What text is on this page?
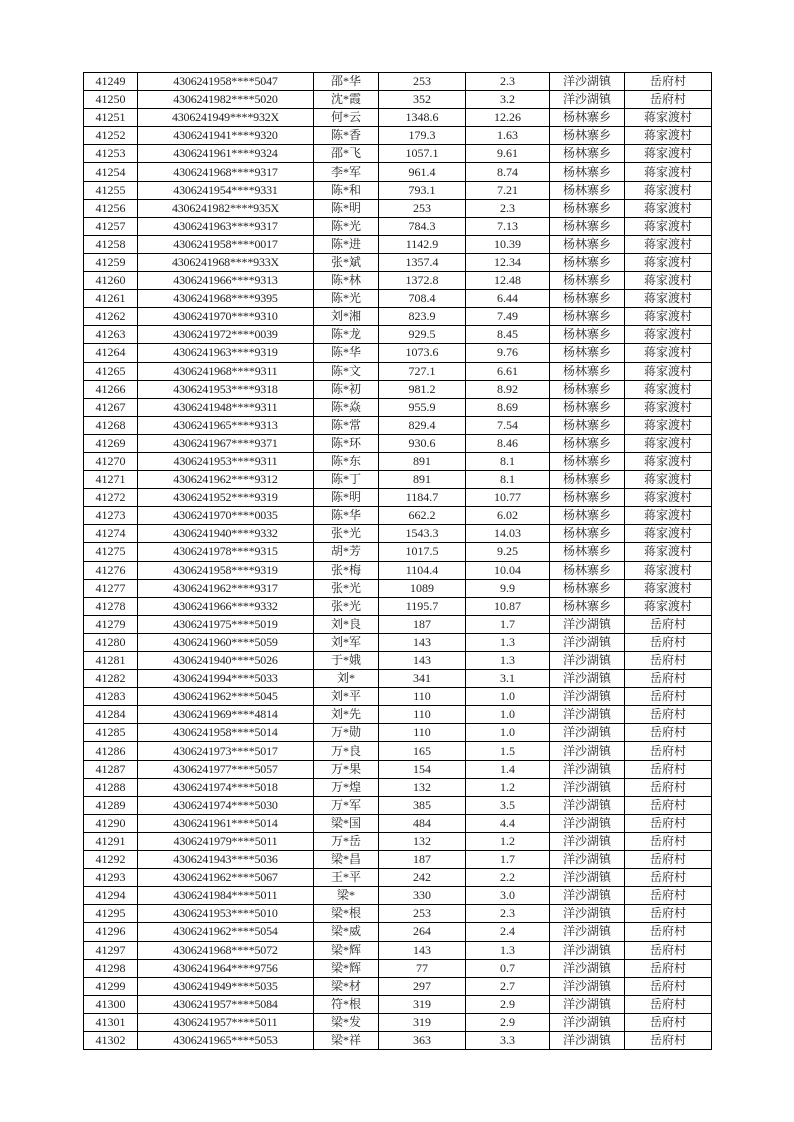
41249	4306241958****5047	邵*华	253	2.3	洋沙湖镇	岳府村
41250	4306241982****5020	沈*霞	352	3.2	洋沙湖镇	岳府村
41251	4306241949****932X	何*云	1348.6	12.26	杨林寨乡	蒋家渡村
41252	4306241941****9320	陈*香	179.3	1.63	杨林寨乡	蒋家渡村
41253	4306241961****9324	邵*飞	1057.1	9.61	杨林寨乡	蒋家渡村
41254	4306241968****9317	李*军	961.4	8.74	杨林寨乡	蒋家渡村
41255	4306241954****9331	陈*和	793.1	7.21	杨林寨乡	蒋家渡村
41256	4306241982****935X	陈*明	253	2.3	杨林寨乡	蒋家渡村
41257	4306241963****9317	陈*光	784.3	7.13	杨林寨乡	蒋家渡村
41258	4306241958****0017	陈*进	1142.9	10.39	杨林寨乡	蒋家渡村
41259	4306241968****933X	张*斌	1357.4	12.34	杨林寨乡	蒋家渡村
41260	4306241966****9313	陈*林	1372.8	12.48	杨林寨乡	蒋家渡村
41261	4306241968****9395	陈*光	708.4	6.44	杨林寨乡	蒋家渡村
41262	4306241970****9310	刘*湘	823.9	7.49	杨林寨乡	蒋家渡村
41263	4306241972****0039	陈*龙	929.5	8.45	杨林寨乡	蒋家渡村
41264	4306241963****9319	陈*华	1073.6	9.76	杨林寨乡	蒋家渡村
41265	4306241968****9311	陈*文	727.1	6.61	杨林寨乡	蒋家渡村
41266	4306241953****9318	陈*初	981.2	8.92	杨林寨乡	蒋家渡村
41267	4306241948****9311	陈*焱	955.9	8.69	杨林寨乡	蒋家渡村
41268	4306241965****9313	陈*常	829.4	7.54	杨林寨乡	蒋家渡村
41269	4306241967****9371	陈*环	930.6	8.46	杨林寨乡	蒋家渡村
41270	4306241953****9311	陈*东	891	8.1	杨林寨乡	蒋家渡村
41271	4306241962****9312	陈*丁	891	8.1	杨林寨乡	蒋家渡村
41272	4306241952****9319	陈*明	1184.7	10.77	杨林寨乡	蒋家渡村
41273	4306241970****0035	陈*华	662.2	6.02	杨林寨乡	蒋家渡村
41274	4306241940****9332	张*光	1543.3	14.03	杨林寨乡	蒋家渡村
41275	4306241978****9315	胡*芳	1017.5	9.25	杨林寨乡	蒋家渡村
41276	4306241958****9319	张*梅	1104.4	10.04	杨林寨乡	蒋家渡村
41277	4306241962****9317	张*光	1089	9.9	杨林寨乡	蒋家渡村
41278	4306241966****9332	张*光	1195.7	10.87	杨林寨乡	蒋家渡村
41279	4306241975****5019	刘*良	187	1.7	洋沙湖镇	岳府村
41280	4306241960****5059	刘*军	143	1.3	洋沙湖镇	岳府村
41281	4306241940****5026	于*娥	143	1.3	洋沙湖镇	岳府村
41282	4306241994****5033	刘*	341	3.1	洋沙湖镇	岳府村
41283	4306241962****5045	刘*平	110	1.0	洋沙湖镇	岳府村
41284	4306241969****4814	刘*先	110	1.0	洋沙湖镇	岳府村
41285	4306241958****5014	万*勋	110	1.0	洋沙湖镇	岳府村
41286	4306241973****5017	万*良	165	1.5	洋沙湖镇	岳府村
41287	4306241977****5057	万*果	154	1.4	洋沙湖镇	岳府村
41288	4306241974****5018	万*煌	132	1.2	洋沙湖镇	岳府村
41289	4306241974****5030	万*军	385	3.5	洋沙湖镇	岳府村
41290	4306241961****5014	梁*国	484	4.4	洋沙湖镇	岳府村
41291	4306241979****5011	万*岳	132	1.2	洋沙湖镇	岳府村
41292	4306241943****5036	梁*昌	187	1.7	洋沙湖镇	岳府村
41293	4306241962****5067	王*平	242	2.2	洋沙湖镇	岳府村
41294	4306241984****5011	梁*	330	3.0	洋沙湖镇	岳府村
41295	4306241953****5010	梁*根	253	2.3	洋沙湖镇	岳府村
41296	4306241962****5054	梁*威	264	2.4	洋沙湖镇	岳府村
41297	4306241968****5072	梁*辉	143	1.3	洋沙湖镇	岳府村
41298	4306241964****9756	梁*辉	77	0.7	洋沙湖镇	岳府村
41299	4306241949****5035	梁*材	297	2.7	洋沙湖镇	岳府村
41300	4306241957****5084	符*根	319	2.9	洋沙湖镇	岳府村
41301	4306241957****5011	梁*发	319	2.9	洋沙湖镇	岳府村
41302	4306241965****5053	梁*祥	363	3.3	洋沙湖镇	岳府村
